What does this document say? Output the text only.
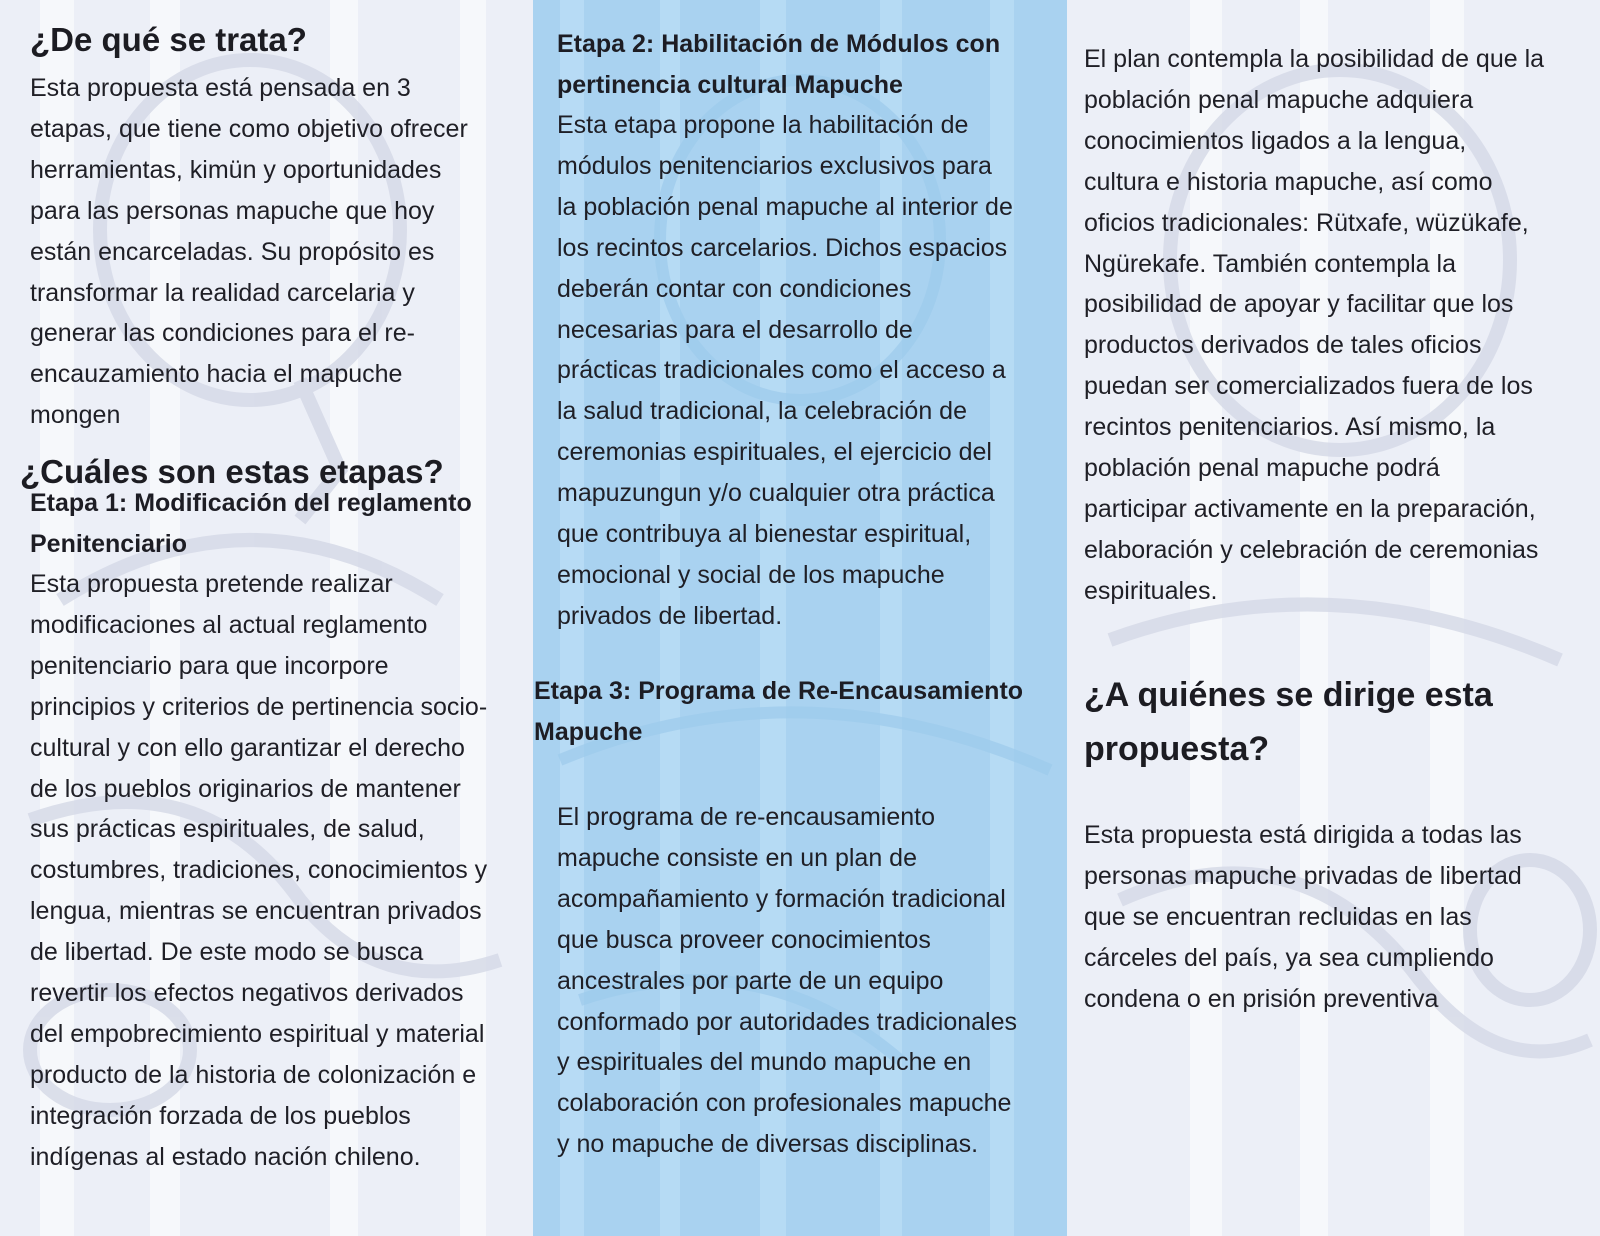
¿De qué se trata?

Esta propuesta está pensada en 3
etapas, que tiene como objetivo ofrecer
herramientas, kimün y oportunidades
para las personas mapuche que hoy
están encarceladas. Su propósito es
transformar la realidad carcelaria y
generar las condiciones para el re-
encauzamiento hacia el mapuche
mongen

¿Cuáles son estas etapas?

Etapa 1: Modificación del reglamento
Penitenciario

Esta propuesta pretende realizar
modificaciones al actual reglamento
penitenciario para que incorpore
principios y criterios de pertinencia socio-
cultural y con ello garantizar el derecho
de los pueblos originarios de mantener
sus prácticas espirituales, de salud,
costumbres, tradiciones, conocimientos y
lengua, mientras se encuentran privados
de libertad. De este modo se busca
revertir los efectos negativos derivados
del empobrecimiento espiritual y material
producto de la historia de colonización e
integración forzada de los pueblos
indígenas al estado nación chileno.

Etapa 2: Habilitación de Módulos con
pertinencia cultural Mapuche

Esta etapa propone la habilitación de
módulos penitenciarios exclusivos para
la población penal mapuche al interior de
los recintos carcelarios. Dichos espacios
deberán contar con condiciones
necesarias para el desarrollo de
prácticas tradicionales como el acceso a
la salud tradicional, la celebración de
ceremonias espirituales, el ejercicio del
mapuzungun y/o cualquier otra práctica
que contribuya al bienestar espiritual,
emocional y social de los mapuche
privados de libertad.

Etapa 3: Programa de Re-Encausamiento
Mapuche

El programa de re-encausamiento
mapuche consiste en un plan de
acompañamiento y formación tradicional
que busca proveer conocimientos
ancestrales por parte de un equipo
conformado por autoridades tradicionales
y espirituales del mundo mapuche en
colaboración con profesionales mapuche
y no mapuche de diversas disciplinas.

El plan contempla la posibilidad de que la
población penal mapuche adquiera
conocimientos ligados a la lengua,
cultura e historia mapuche, así como
oficios tradicionales: Rütxafe, wüzükafe,
Ngürekafe. También contempla la
posibilidad de apoyar y facilitar que los
productos derivados de tales oficios
puedan ser comercializados fuera de los
recintos penitenciarios. Así mismo, la
población penal mapuche podrá
participar activamente en la preparación,
elaboración y celebración de ceremonias
espirituales.

¿A quiénes se dirige esta
propuesta?

Esta propuesta está dirigida a todas las
personas mapuche privadas de libertad
que se encuentran recluidas en las
cárceles del país, ya sea cumpliendo
condena o en prisión preventiva
